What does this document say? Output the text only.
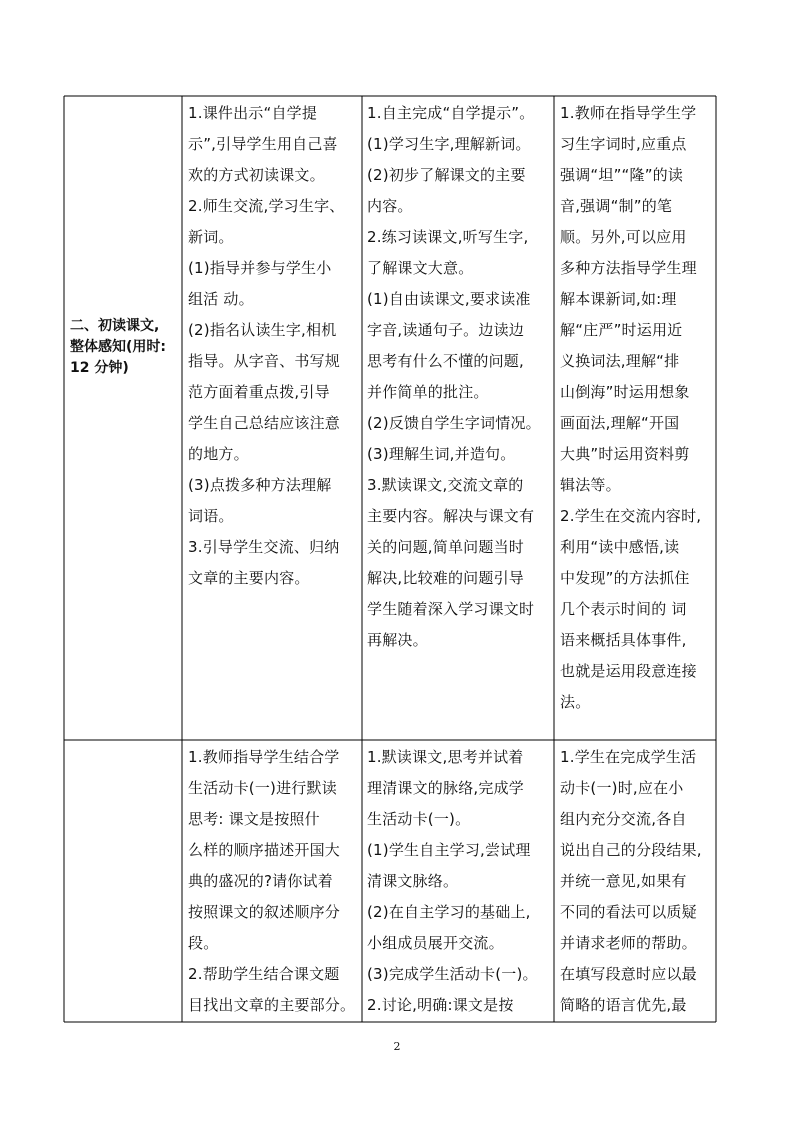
二、初读课文,
整体感知(用时:
12 分钟)
1.课件出示“自学提
示”,引导学生用自己喜
欢的方式初读课文。
2.师生交流,学习生字、
新词。
(1)指导并参与学生小
组活 动。
(2)指名认读生字,相机
指导。从字音、书写规
范方面着重点拨,引导
学生自己总结应该注意
的地方。
(3)点拨多种方法理解
词语。
3.引导学生交流、归纳
文章的主要内容。
1.自主完成“自学提示”。
(1)学习生字,理解新词。
(2)初步了解课文的主要
内容。
2.练习读课文,听写生字,
了解课文大意。
(1)自由读课文,要求读准
字音,读通句子。边读边
思考有什么不懂的问题,
并作简单的批注。
(2)反馈自学生字词情况。
(3)理解生词,并造句。
3.默读课文,交流文章的
主要内容。解决与课文有
关的问题,简单问题当时
解决,比较难的问题引导
学生随着深入学习课文时
再解决。
1.教师在指导学生学
习生字词时,应重点
强调“坦”“隆”的读
音,强调“制”的笔
顺。另外,可以应用
多种方法指导学生理
解本课新词,如:理
解“庄严”时运用近
义换词法,理解“排
山倒海”时运用想象
画面法,理解“开国
大典”时运用资料剪
辑法等。
2.学生在交流内容时,
利用“读中感悟,读
中发现”的方法抓住
几个表示时间的 词
语来概括具体事件,
也就是运用段意连接
法。
1.教师指导学生结合学
生活动卡(一)进行默读
思考: 课文是按照什
么样的顺序描述开国大
典的盛况的?请你试着
按照课文的叙述顺序分
段。
2.帮助学生结合课文题
目找出文章的主要部分。
1.默读课文,思考并试着
理清课文的脉络,完成学
生活动卡(一)。
(1)学生自主学习,尝试理
清课文脉络。
(2)在自主学习的基础上,
小组成员展开交流。
(3)完成学生活动卡(一)。
2.讨论,明确:课文是按
1.学生在完成学生活
动卡(一)时,应在小
组内充分交流,各自
说出自己的分段结果,
并统一意见,如果有
不同的看法可以质疑
并请求老师的帮助。
在填写段意时应以最
简略的语言优先,最
2
